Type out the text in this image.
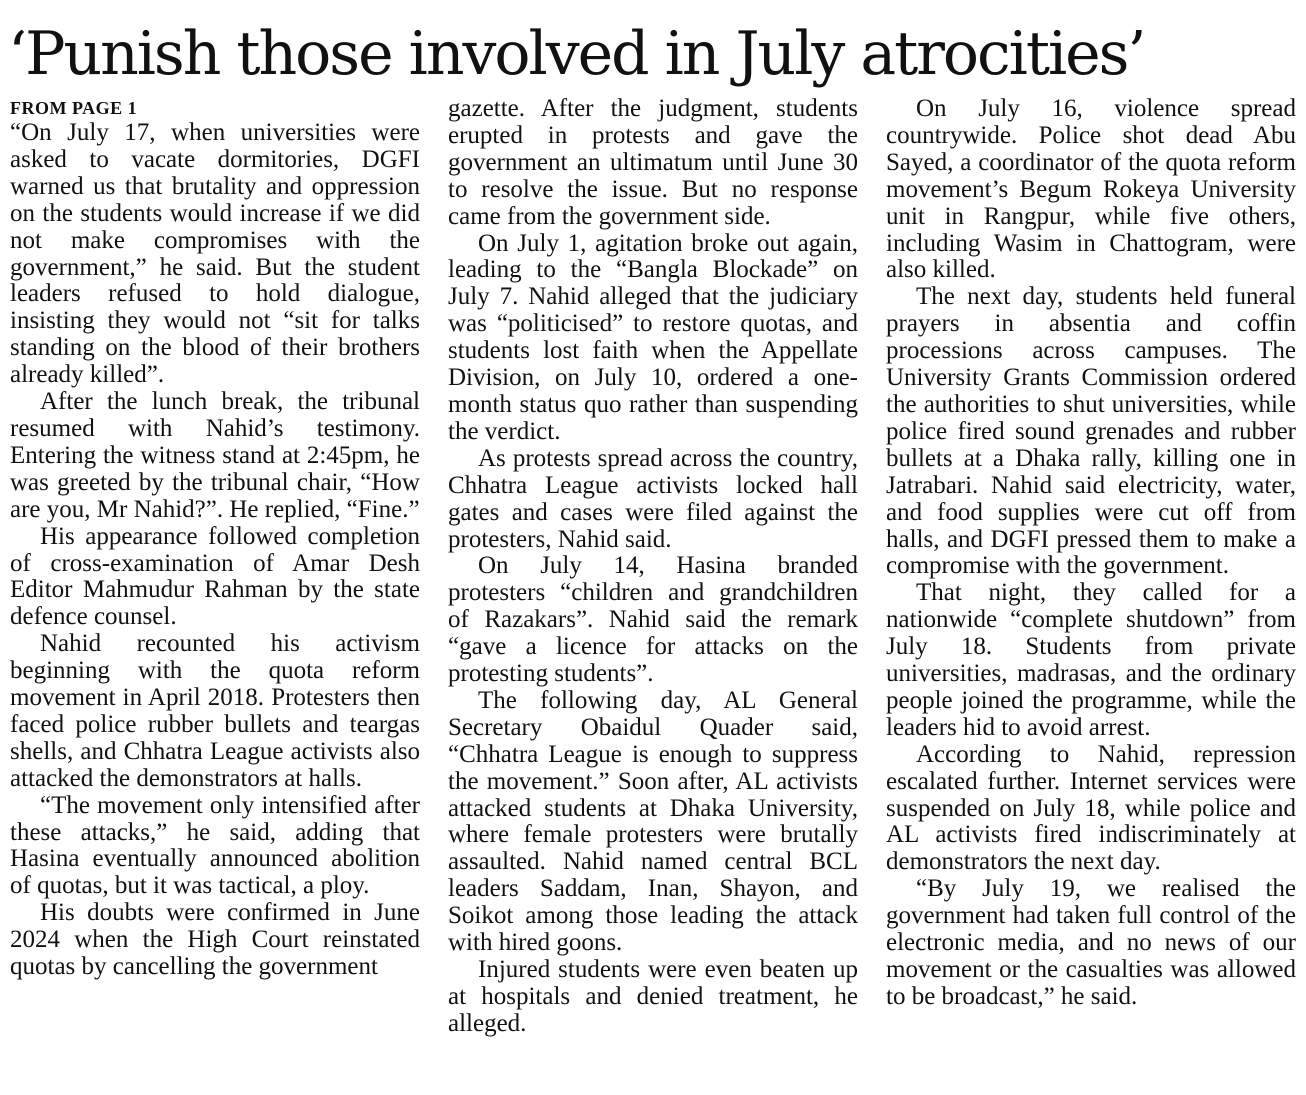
‘Punish those involved in July atrocities’
FROM PAGE 1

“On July 17, when universities were asked to vacate dormitories, DGFI warned us that brutality and oppression on the students would increase if we did not make compromises with the government,” he said. But the student leaders refused to hold dialogue, insisting they would not “sit for talks standing on the blood of their brothers already killed”.

After the lunch break, the tribunal resumed with Nahid’s testimony. Entering the witness stand at 2:45pm, he was greeted by the tribunal chair, “How are you, Mr Nahid?”. He replied, “Fine.”

His appearance followed completion of cross-examination of Amar Desh Editor Mahmudur Rahman by the state defence counsel.

Nahid recounted his activism beginning with the quota reform movement in April 2018. Protesters then faced police rubber bullets and teargas shells, and Chhatra League activists also attacked the demonstrators at halls.

“The movement only intensified after these attacks,” he said, adding that Hasina eventually announced abolition of quotas, but it was tactical, a ploy.

His doubts were confirmed in June 2024 when the High Court reinstated quotas by cancelling the government

gazette. After the judgment, students erupted in protests and gave the government an ultimatum until June 30 to resolve the issue. But no response came from the government side.

On July 1, agitation broke out again, leading to the “Bangla Blockade” on July 7. Nahid alleged that the judiciary was “politicised” to restore quotas, and students lost faith when the Appellate Division, on July 10, ordered a one-month status quo rather than suspending the verdict.

As protests spread across the country, Chhatra League activists locked hall gates and cases were filed against the protesters, Nahid said.

On July 14, Hasina branded protesters “children and grandchildren of Razakars”. Nahid said the remark “gave a licence for attacks on the protesting students”.

The following day, AL General Secretary Obaidul Quader said, “Chhatra League is enough to suppress the movement.” Soon after, AL activists attacked students at Dhaka University, where female protesters were brutally assaulted. Nahid named central BCL leaders Saddam, Inan, Shayon, and Soikot among those leading the attack with hired goons.

Injured students were even beaten up at hospitals and denied treatment, he alleged.

On July 16, violence spread countrywide. Police shot dead Abu Sayed, a coordinator of the quota reform movement’s Begum Rokeya University unit in Rangpur, while five others, including Wasim in Chattogram, were also killed.

The next day, students held funeral prayers in absentia and coffin processions across campuses. The University Grants Commission ordered the authorities to shut universities, while police fired sound grenades and rubber bullets at a Dhaka rally, killing one in Jatrabari. Nahid said electricity, water, and food supplies were cut off from halls, and DGFI pressed them to make a compromise with the government.

That night, they called for a nationwide “complete shutdown” from July 18. Students from private universities, madrasas, and the ordinary people joined the programme, while the leaders hid to avoid arrest.

According to Nahid, repression escalated further. Internet services were suspended on July 18, while police and AL activists fired indiscriminately at demonstrators the next day.

“By July 19, we realised the government had taken full control of the electronic media, and no news of our movement or the casualties was allowed to be broadcast,” he said.
